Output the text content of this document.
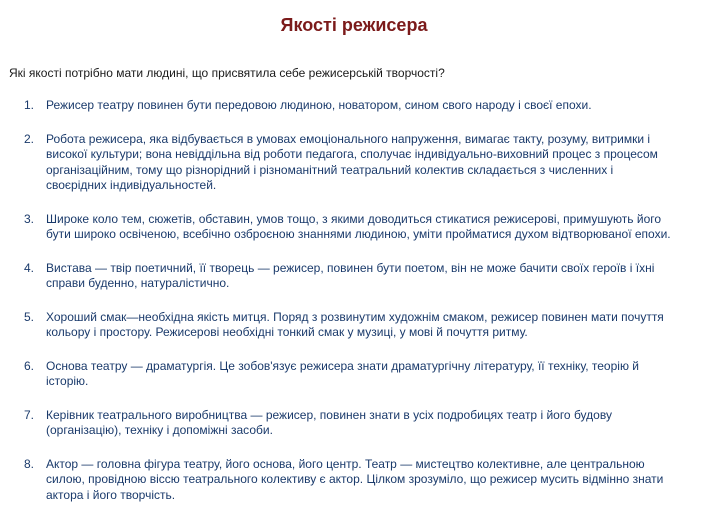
Якості режисера

Які якості потрібно мати людині, що присвятила себе режисерській творчості?

1. Режисер театру повинен бути передовою людиною, новатором, сином свого народу і своєї епохи.
2. Робота режисера, яка відбувається в умовах емоціонального напруження, вимагає такту, розуму, витримки і високої культури; вона невіддільна від роботи педагога, сполучає індивідуально-виховний процес з процесом організаційним, тому що різнорідний і різноманітний театральний колектив складається з численних і своєрідних індивідуальностей.
3. Широке коло тем, сюжетів, обставин, умов тощо, з якими доводиться стикатися режисерові, примушують його бути широко освіченою, всебічно озброєною знаннями людиною, уміти пройматися духом відтворюваної епохи.
4. Вистава — твір поетичний, її творець — режисер, повинен бути поетом, він не може бачити своїх героїв і їхні справи буденно, натуралістично.
5. Хороший смак—необхідна якість митця. Поряд з розвинутим художнім смаком, режисер повинен мати почуття кольору і простору. Режисерові необхідні тонкий смак у музиці, у мові й почуття ритму.
6. Основа театру — драматургія. Це зобов'язує режисера знати драматургічну літературу, її техніку, теорію й історію.
7. Керівник театрального виробництва — режисер, повинен знати в усіх подробицях театр і його будову (організацію), техніку і допоміжні засоби.
8. Актор — головна фігура театру, його основа, його центр. Театр — мистецтво колективне, але центральною силою, провідною віссю театрального колективу є актор. Цілком зрозуміло, що режисер мусить відмінно знати актора і його творчість.
